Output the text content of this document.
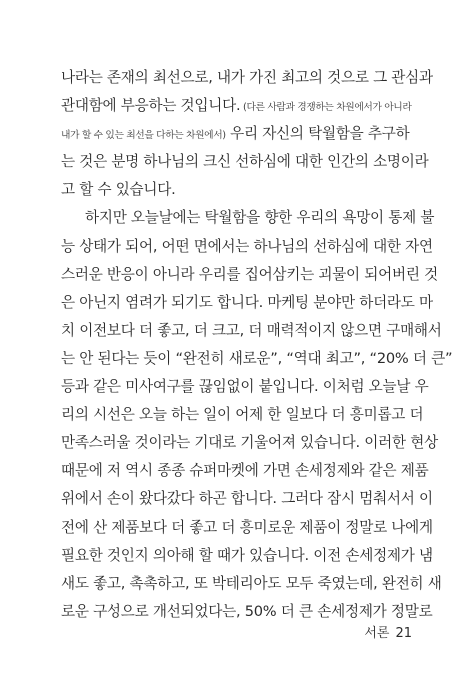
나라는 존재의 최선으로, 내가 가진 최고의 것으로 그 관심과
관대함에 부응하는 것입니다. (다른 사람과 경쟁하는 차원에서가 아니라
내가 할 수 있는 최선을 다하는 차원에서) 우리 자신의 탁월함을 추구하
는 것은 분명 하나님의 크신 선하심에 대한 인간의 소명이라
고 할 수 있습니다.
하지만 오늘날에는 탁월함을 향한 우리의 욕망이 통제 불
능 상태가 되어, 어떤 면에서는 하나님의 선하심에 대한 자연
스러운 반응이 아니라 우리를 집어삼키는 괴물이 되어버린 것
은 아닌지 염려가 되기도 합니다. 마케팅 분야만 하더라도 마
치 이전보다 더 좋고, 더 크고, 더 매력적이지 않으면 구매해서
는 안 된다는 듯이 “완전히 새로운”, “역대 최고”, “20% 더 큰”
등과 같은 미사여구를 끊임없이 붙입니다. 이처럼 오늘날 우
리의 시선은 오늘 하는 일이 어제 한 일보다 더 흥미롭고 더
만족스러울 것이라는 기대로 기울어져 있습니다. 이러한 현상
때문에 저 역시 종종 슈퍼마켓에 가면 손세정제와 같은 제품
위에서 손이 왔다갔다 하곤 합니다. 그러다 잠시 멈춰서서 이
전에 산 제품보다 더 좋고 더 흥미로운 제품이 정말로 나에게
필요한 것인지 의아해 할 때가 있습니다. 이전 손세정제가 냄
새도 좋고, 촉촉하고, 또 박테리아도 모두 죽였는데, 완전히 새
로운 구성으로 개선되었다는, 50% 더 큰 손세정제가 정말로
서론 21
